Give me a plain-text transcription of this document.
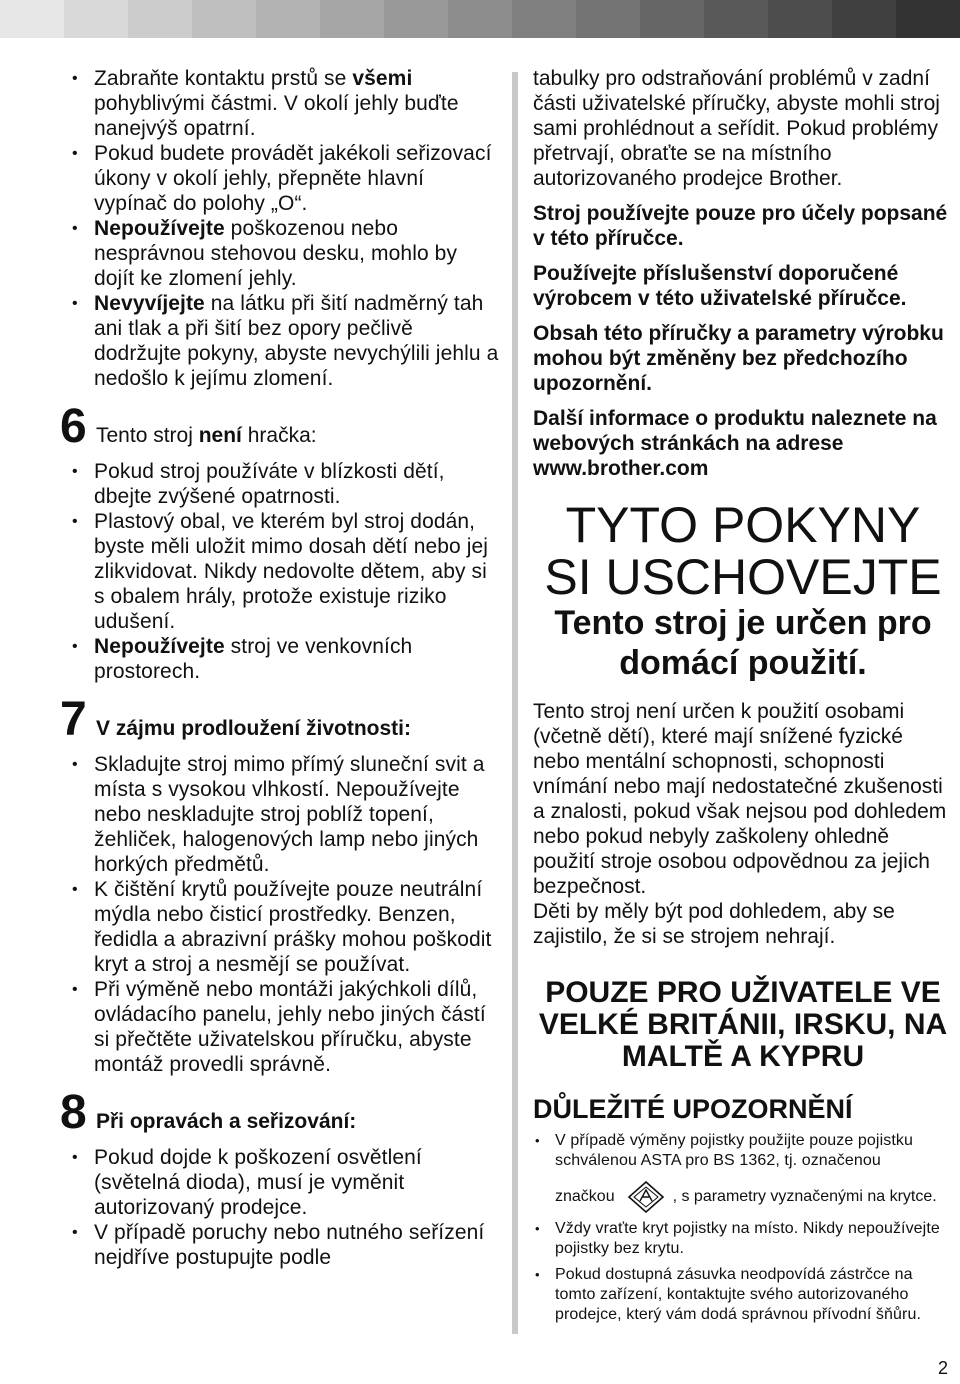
• Zabraňte kontaktu prstů se všemi pohyblivými částmi. V okolí jehly buďte nanejvýš opatrní.
• Pokud budete provádět jakékoli seřizovací úkony v okolí jehly, přepněte hlavní vypínač do polohy „O“.
• Nepoužívejte poškozenou nebo nesprávnou stehovou desku, mohlo by dojít ke zlomení jehly.
• Nevyvíjejte na látku při šití nadměrný tah ani tlak a při šití bez opory pečlivě dodržujte pokyny, abyste nevychýlili jehlu a nedošlo k jejímu zlomení.
6 Tento stroj není hračka:
• Pokud stroj používáte v blízkosti dětí, dbejte zvýšené opatrnosti.
• Plastový obal, ve kterém byl stroj dodán, byste měli uložit mimo dosah dětí nebo jej zlikvidovat. Nikdy nedovolte dětem, aby si s obalem hrály, protože existuje riziko udušení.
• Nepoužívejte stroj ve venkovních prostorech.
7 V zájmu prodloužení životnosti:
• Skladujte stroj mimo přímý sluneční svit a místa s vysokou vlhkostí. Nepoužívejte nebo neskladujte stroj poblíž topení, žehliček, halogenových lamp nebo jiných horkých předmětů.
• K čištění krytů používejte pouze neutrální mýdla nebo čisticí prostředky. Benzen, ředidla a abrazivní prášky mohou poškodit kryt a stroj a nesmějí se používat.
• Při výměně nebo montáži jakýchkoli dílů, ovládacího panelu, jehly nebo jiných částí si přečtěte uživatelskou příručku, abyste montáž provedli správně.
8 Při opravách a seřizování:
• Pokud dojde k poškození osvětlení (světelná dioda), musí je vyměnit autorizovaný prodejce.
• V případě poruchy nebo nutného seřízení nejdříve postupujte podle

tabulky pro odstraňování problémů v zadní části uživatelské příručky, abyste mohli stroj sami prohlédnout a seřídit. Pokud problémy přetrvají, obraťte se na místního autorizovaného prodejce Brother.

Stroj používejte pouze pro účely popsané v této příručce.

Používejte příslušenství doporučené výrobcem v této uživatelské příručce.

Obsah této příručky a parametry výrobku mohou být změněny bez předchozího upozornění.

Další informace o produktu naleznete na webových stránkách na adrese www.brother.com

TYTO POKYNY
SI USCHOVEJTE
Tento stroj je určen pro domácí použití.

Tento stroj není určen k použití osobami (včetně dětí), které mají snížené fyzické nebo mentální schopnosti, schopnosti vnímání nebo mají nedostatečné zkušenosti a znalosti, pokud však nejsou pod dohledem nebo pokud nebyly zaškoleny ohledně použití stroje osobou odpovědnou za jejich bezpečnost.

Děti by měly být pod dohledem, aby se zajistilo, že si se strojem nehrají.

POUZE PRO UŽIVATELE VE VELKÉ BRITÁNII, IRSKU, NA MALTĚ A KYPRU
DŮLEŽITÉ UPOZORNĚNÍ
• V případě výměny pojistky použijte pouze pojistku schválenou ASTA pro BS 1362, tj. označenou
značkou	, s parametry vyznačenými na krytce.
• Vždy vraťte kryt pojistky na místo. Nikdy nepoužívejte pojistky bez krytu.
• Pokud dostupná zásuvka neodpovídá zástrčce na tomto zařízení, kontaktujte svého autorizovaného prodejce, který vám dodá správnou přívodní šňůru.
2
